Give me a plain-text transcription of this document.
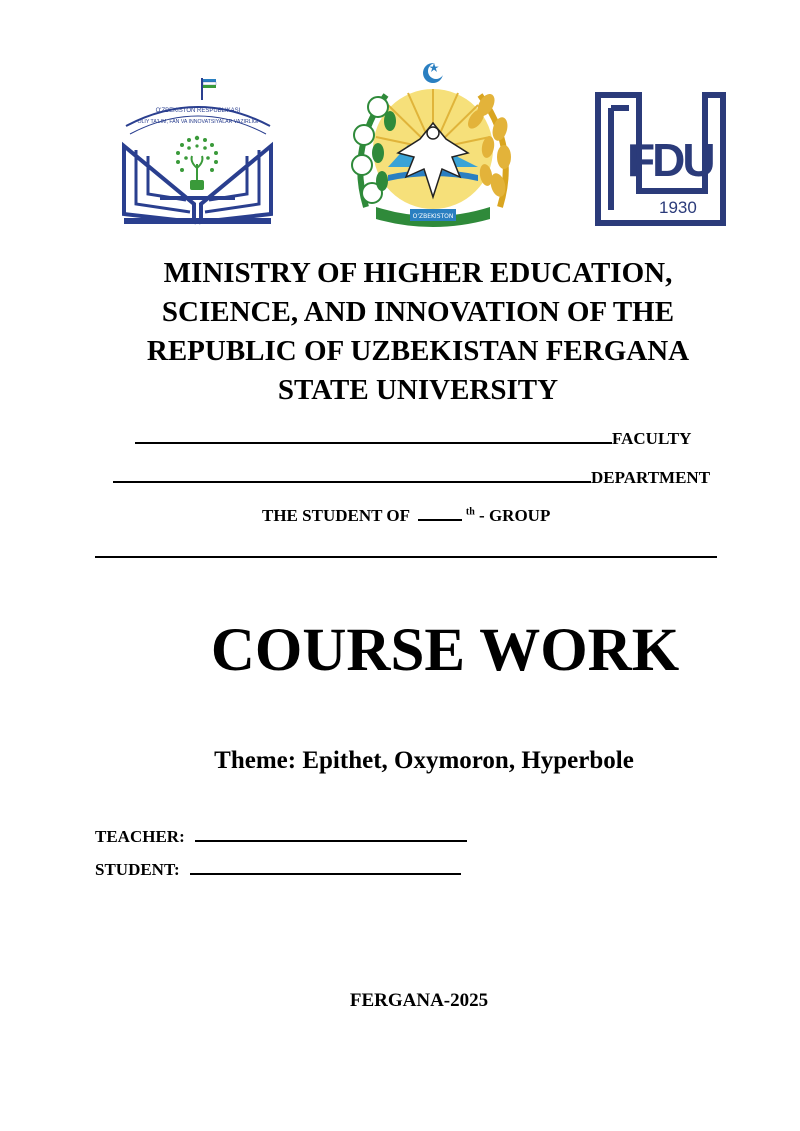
O'ZBEKISTON RESPUBLIKASI
OLIY TA'LIM, FAN VA INNOVATSIYALAR VAZIRLIGI
O'ZBEKISTON
FDU
1930
MINISTRY OF HIGHER EDUCATION,
SCIENCE, AND INNOVATION OF THE
REPUBLIC OF UZBEKISTAN FERGANA
STATE UNIVERSITY
FACULTY
DEPARTMENT
THE STUDENT OF	$^{th}$ - GROUP
COURSE WORK
Theme: Epithet, Oxymoron, Hyperbole
TEACHER:
STUDENT:
FERGANA-2025
